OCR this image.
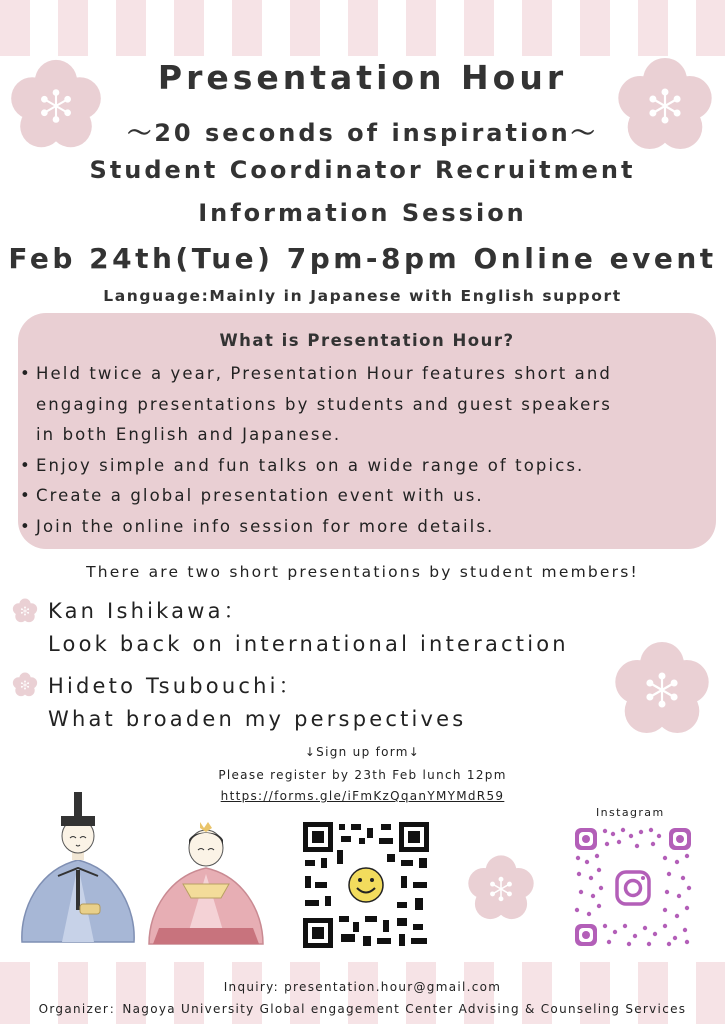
Presentation Hour
～20 seconds of inspiration～
Student Coordinator Recruitment
Information Session
Feb 24th(Tue) 7pm-8pm Online event
Language:Mainly in Japanese with English support
What is Presentation Hour?
• Held twice a year, Presentation Hour features short and
engaging presentations by students and guest speakers
in both English and Japanese.
• Enjoy simple and fun talks on a wide range of topics.
• Create a global presentation event with us.
• Join the online info session for more details.
There are two short presentations by student members!
Kan Ishikawa：
Look back on international interaction
Hideto Tsubouchi：
What broaden my perspectives
↓Sign up form↓
Please register by 23th Feb lunch 12pm
https://forms.gle/iFmKzQqanYMYMdR59
Instagram
Inquiry: presentation.hour@gmail.com
Organizer：Nagoya University Global engagement Center Advising & Counseling Services
